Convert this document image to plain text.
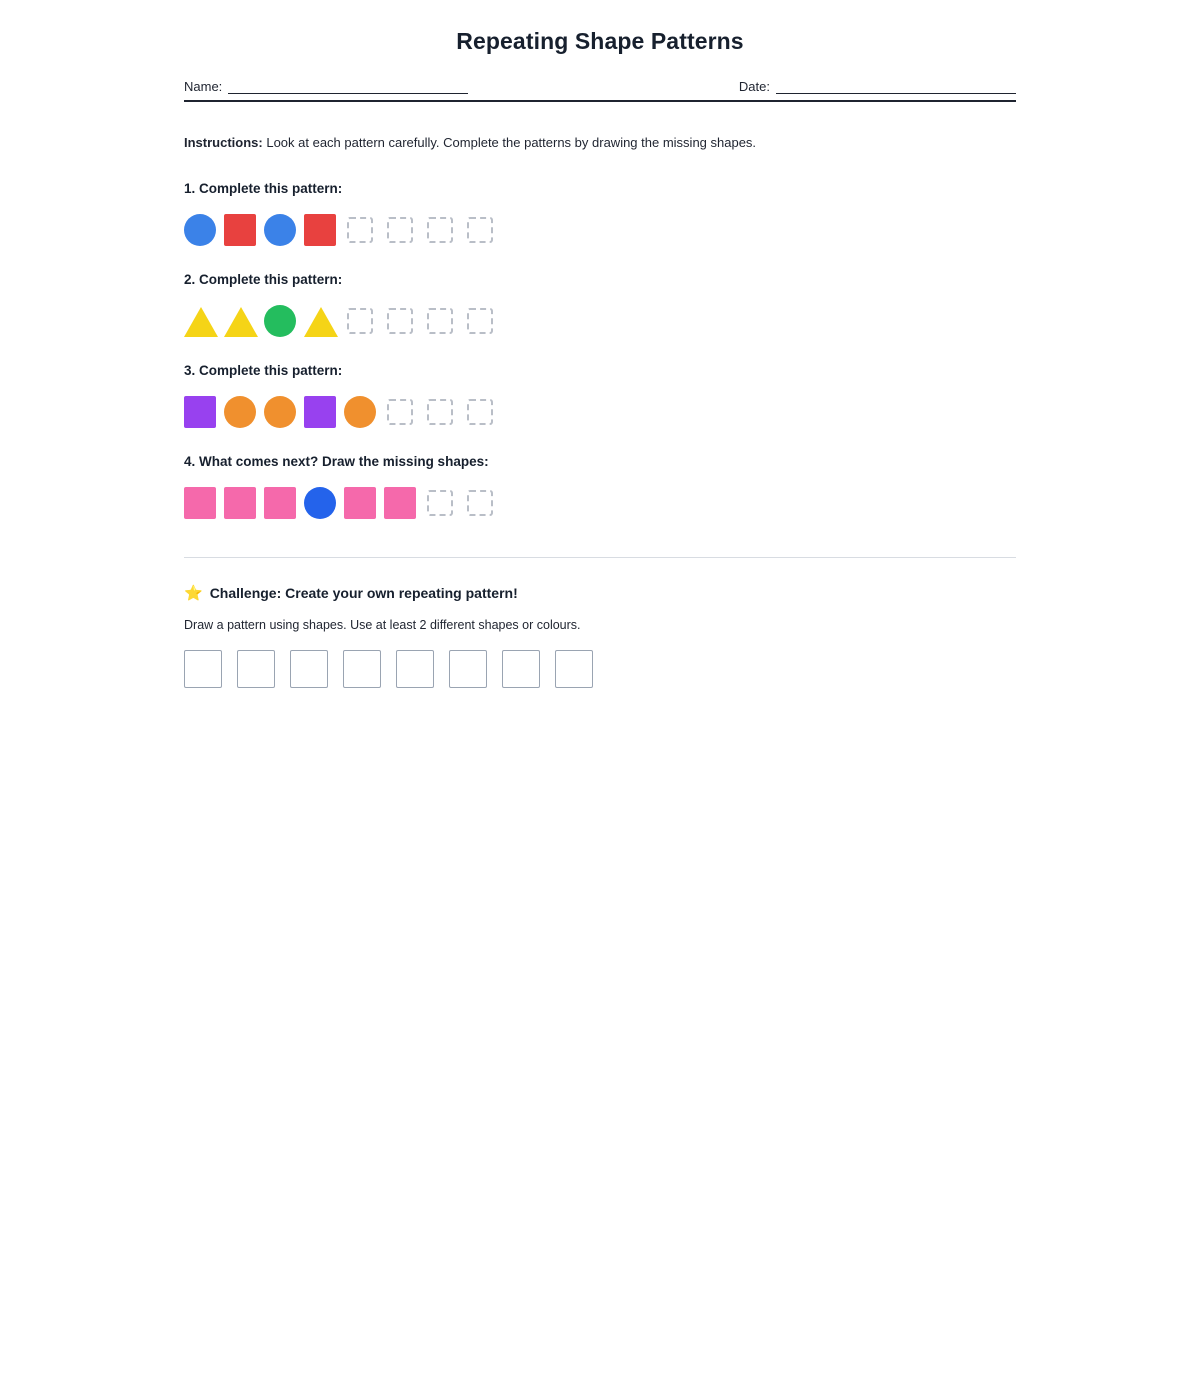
Repeating Shape Patterns
Name:	Date:

Instructions: Look at each pattern carefully. Complete the patterns by drawing the missing shapes.

1. Complete this pattern:
2. Complete this pattern:
3. Complete this pattern:
4. What comes next? Draw the missing shapes:
⭐ Challenge: Create your own repeating pattern!

Draw a pattern using shapes. Use at least 2 different shapes or colours.
